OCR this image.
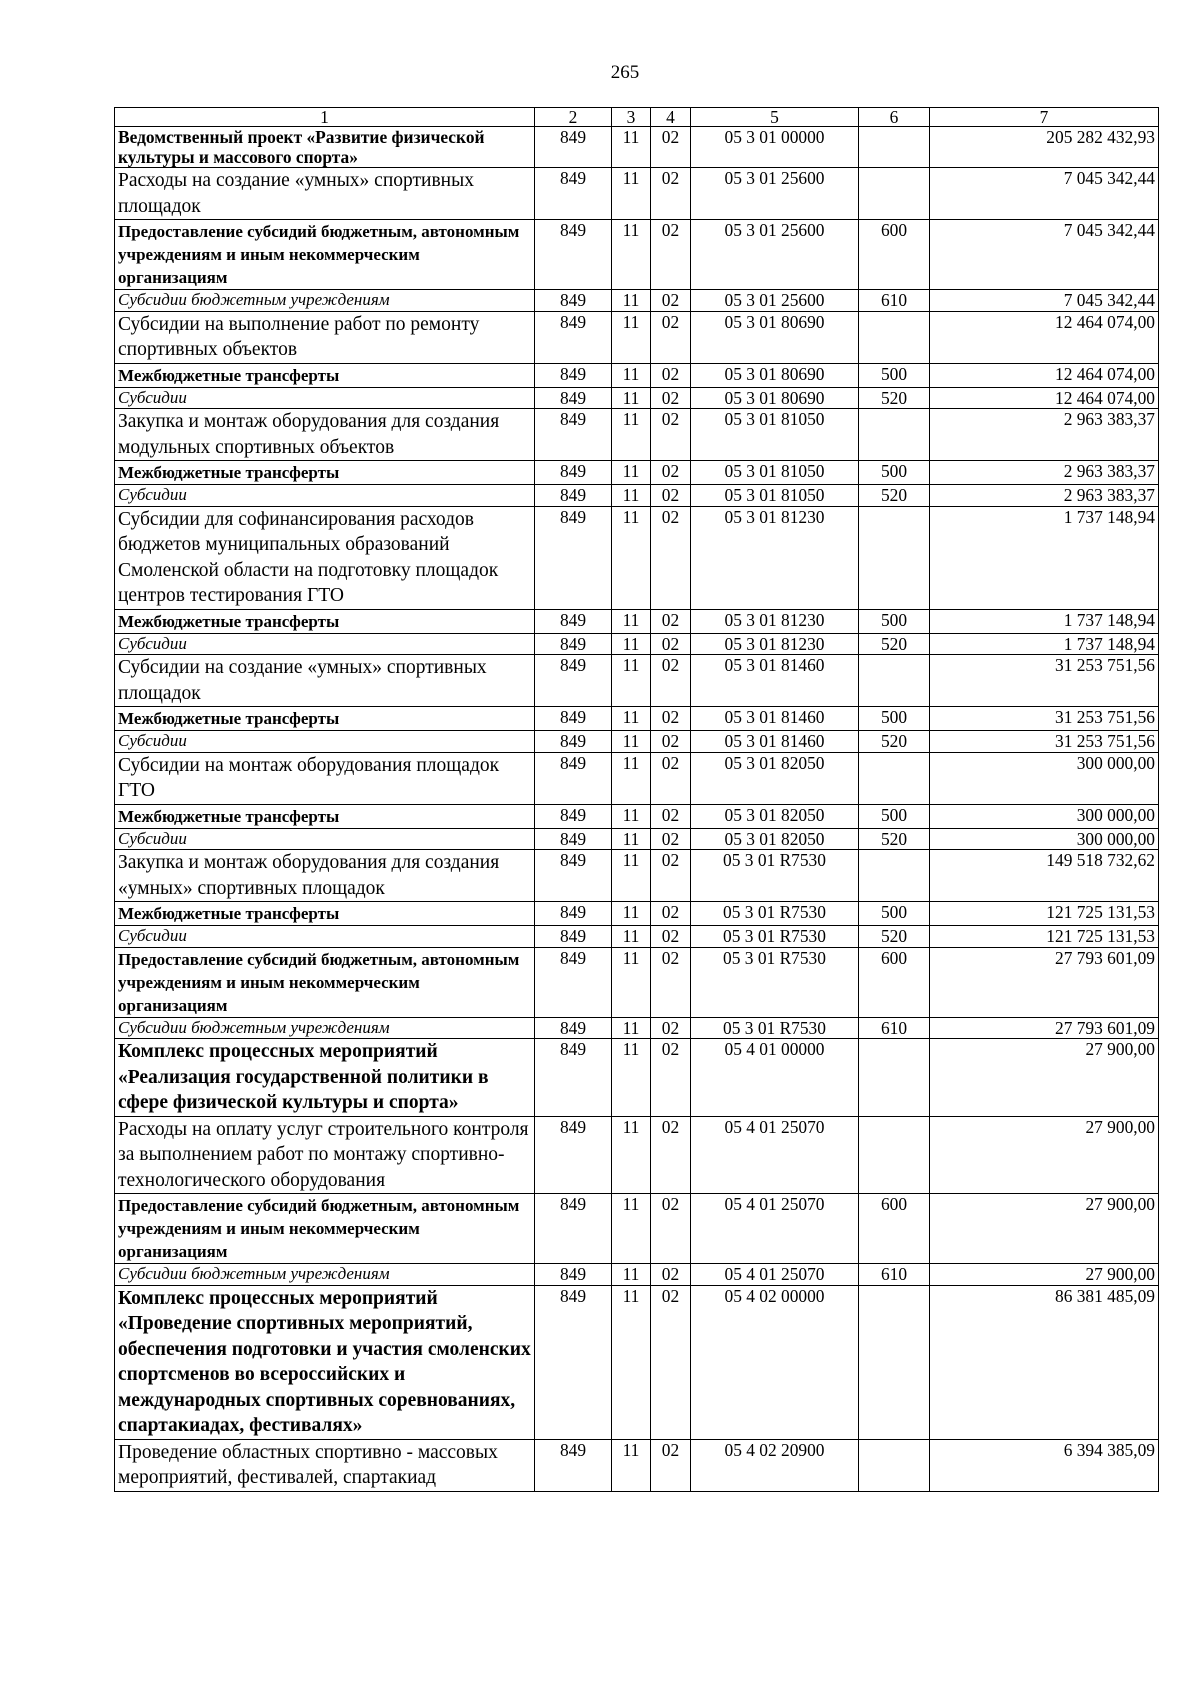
265
1	2	3	4	5	6	7
Ведомственный проект «Развитие физической культуры и массового спорта»	849	11	02	05 3 01 00000		205 282 432,93
Расходы на создание «умных» спортивных площадок	849	11	02	05 3 01 25600		7 045 342,44
Предоставление субсидий бюджетным, автономным учреждениям и иным некоммерческим организациям	849	11	02	05 3 01 25600	600	7 045 342,44
Субсидии бюджетным учреждениям	849	11	02	05 3 01 25600	610	7 045 342,44
Субсидии на выполнение работ по ремонту спортивных объектов	849	11	02	05 3 01 80690		12 464 074,00
Межбюджетные трансферты	849	11	02	05 3 01 80690	500	12 464 074,00
Субсидии	849	11	02	05 3 01 80690	520	12 464 074,00
Закупка и монтаж оборудования для создания модульных спортивных объектов	849	11	02	05 3 01 81050		2 963 383,37
Межбюджетные трансферты	849	11	02	05 3 01 81050	500	2 963 383,37
Субсидии	849	11	02	05 3 01 81050	520	2 963 383,37
Субсидии для софинансирования расходов бюджетов муниципальных образований Смоленской области на подготовку площадок центров тестирования ГТО	849	11	02	05 3 01 81230		1 737 148,94
Межбюджетные трансферты	849	11	02	05 3 01 81230	500	1 737 148,94
Субсидии	849	11	02	05 3 01 81230	520	1 737 148,94
Субсидии на создание «умных» спортивных площадок	849	11	02	05 3 01 81460		31 253 751,56
Межбюджетные трансферты	849	11	02	05 3 01 81460	500	31 253 751,56
Субсидии	849	11	02	05 3 01 81460	520	31 253 751,56
Субсидии на монтаж оборудования площадок ГТО	849	11	02	05 3 01 82050		300 000,00
Межбюджетные трансферты	849	11	02	05 3 01 82050	500	300 000,00
Субсидии	849	11	02	05 3 01 82050	520	300 000,00
Закупка и монтаж оборудования для создания «умных» спортивных площадок	849	11	02	05 3 01 R7530		149 518 732,62
Межбюджетные трансферты	849	11	02	05 3 01 R7530	500	121 725 131,53
Субсидии	849	11	02	05 3 01 R7530	520	121 725 131,53
Предоставление субсидий бюджетным, автономным учреждениям и иным некоммерческим организациям	849	11	02	05 3 01 R7530	600	27 793 601,09
Субсидии бюджетным учреждениям	849	11	02	05 3 01 R7530	610	27 793 601,09
Комплекс процессных мероприятий «Реализация государственной политики в сфере физической культуры и спорта»	849	11	02	05 4 01 00000		27 900,00
Расходы на оплату услуг строительного контроля за выполнением работ по монтажу спортивно-технологического оборудования	849	11	02	05 4 01 25070		27 900,00
Предоставление субсидий бюджетным, автономным учреждениям и иным некоммерческим организациям	849	11	02	05 4 01 25070	600	27 900,00
Субсидии бюджетным учреждениям	849	11	02	05 4 01 25070	610	27 900,00
Комплекс процессных мероприятий «Проведение спортивных мероприятий, обеспечения подготовки и участия смоленских спортсменов во всероссийских и международных спортивных соревнованиях, спартакиадах, фестивалях»	849	11	02	05 4 02 00000		86 381 485,09
Проведение областных спортивно - массовых мероприятий, фестивалей, спартакиад	849	11	02	05 4 02 20900		6 394 385,09
